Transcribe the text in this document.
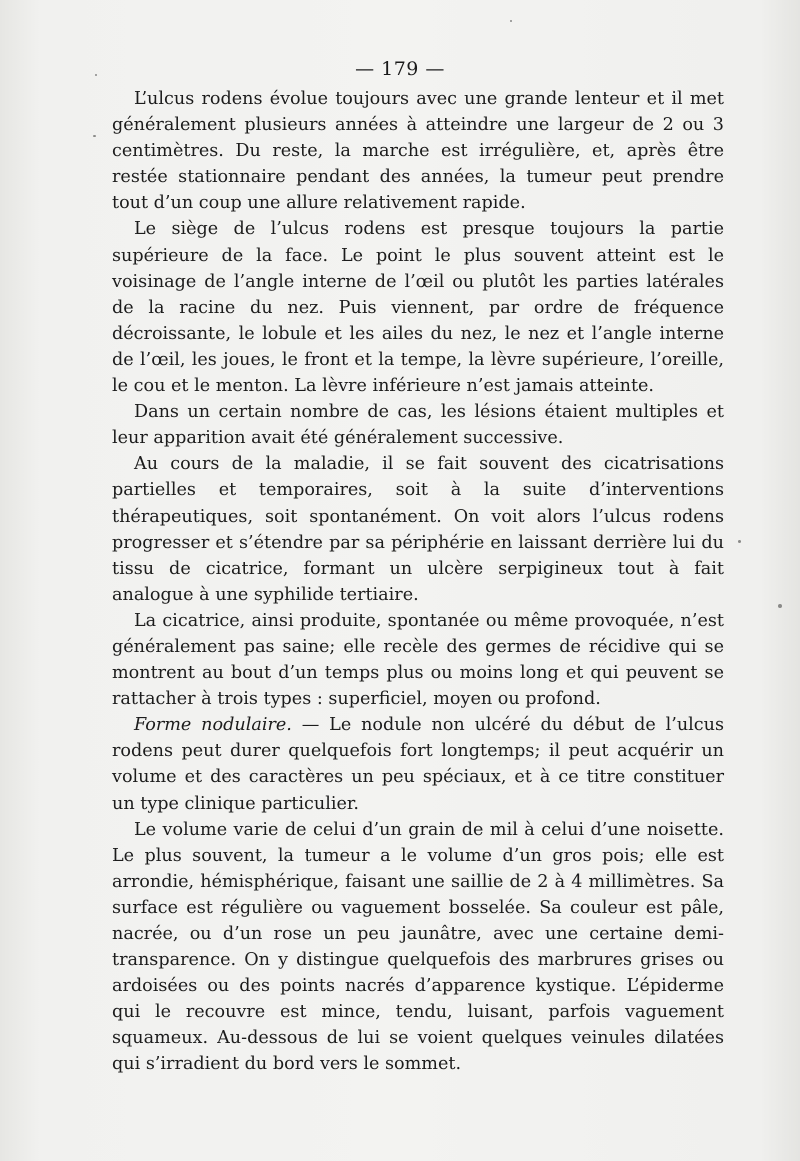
— 179 —

L’ulcus rodens évolue toujours avec une grande lenteur et il met généralement plusieurs années à atteindre une largeur de 2 ou 3 centimètres. Du reste, la marche est irrégulière, et, après être restée stationnaire pendant des années, la tumeur peut prendre tout d’un coup une allure relativement rapide.

Le siège de l’ulcus rodens est presque toujours la partie supérieure de la face. Le point le plus souvent atteint est le voisinage de l’angle interne de l’œil ou plutôt les parties latérales de la racine du nez. Puis viennent, par ordre de fréquence décroissante, le lobule et les ailes du nez, le nez et l’angle interne de l’œil, les joues, le front et la tempe, la lèvre supérieure, l’oreille, le cou et le menton. La lèvre inférieure n’est jamais atteinte.

Dans un certain nombre de cas, les lésions étaient multiples et leur apparition avait été généralement successive.

Au cours de la maladie, il se fait souvent des cicatrisations partielles et temporaires, soit à la suite d’interventions thérapeutiques, soit spontanément. On voit alors l’ulcus rodens progresser et s’étendre par sa périphérie en laissant derrière lui du tissu de cicatrice, formant un ulcère serpigineux tout à fait analogue à une syphilide tertiaire.

La cicatrice, ainsi produite, spontanée ou même provoquée, n’est généralement pas saine; elle recèle des germes de récidive qui se montrent au bout d’un temps plus ou moins long et qui peuvent se rattacher à trois types : superficiel, moyen ou profond.

Forme nodulaire. — Le nodule non ulcéré du début de l’ulcus rodens peut durer quelquefois fort longtemps; il peut acquérir un volume et des caractères un peu spéciaux, et à ce titre constituer un type clinique particulier.

Le volume varie de celui d’un grain de mil à celui d’une noisette. Le plus souvent, la tumeur a le volume d’un gros pois; elle est arrondie, hémisphérique, faisant une saillie de 2 à 4 millimètres. Sa surface est régulière ou vaguement bosselée. Sa couleur est pâle, nacrée, ou d’un rose un peu jaunâtre, avec une certaine demi-transparence. On y distingue quelquefois des marbrures grises ou ardoisées ou des points nacrés d’apparence kystique. L’épiderme qui le recouvre est mince, tendu, luisant, parfois vaguement squameux. Au-dessous de lui se voient quelques veinules dilatées qui s’irradient du bord vers le sommet.
